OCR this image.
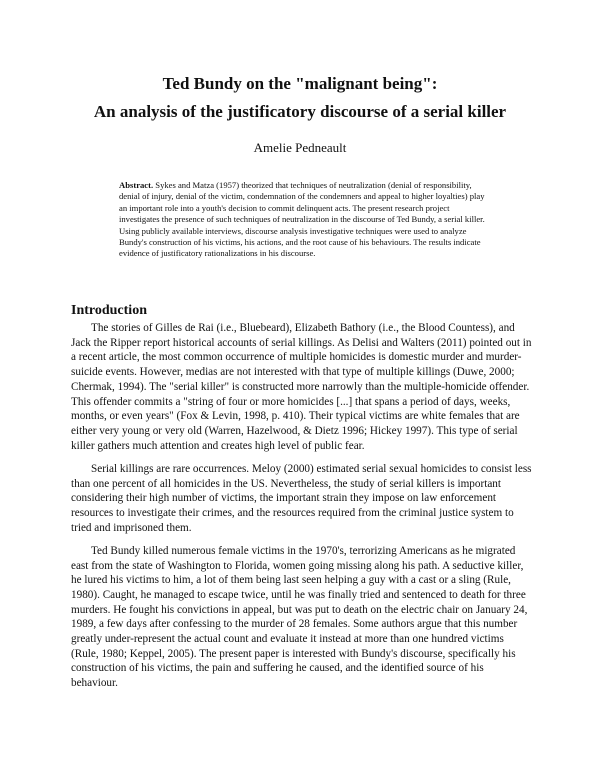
Ted Bundy on the "malignant being":
An analysis of the justificatory discourse of a serial killer
Amelie Pedneault
Abstract. Sykes and Matza (1957) theorized that techniques of neutralization (denial of responsibility, denial of injury, denial of the victim, condemnation of the condemners and appeal to higher loyalties) play an important role into a youth's decision to commit delinquent acts. The present research project investigates the presence of such techniques of neutralization in the discourse of Ted Bundy, a serial killer. Using publicly available interviews, discourse analysis investigative techniques were used to analyze Bundy's construction of his victims, his actions, and the root cause of his behaviours. The results indicate evidence of justificatory rationalizations in his discourse.
Introduction

The stories of Gilles de Rai (i.e., Bluebeard), Elizabeth Bathory (i.e., the Blood Countess), and Jack the Ripper report historical accounts of serial killings. As Delisi and Walters (2011) pointed out in a recent article, the most common occurrence of multiple homicides is domestic murder and murder-suicide events. However, medias are not interested with that type of multiple killings (Duwe, 2000; Chermak, 1994). The "serial killer" is constructed more narrowly than the multiple-homicide offender. This offender commits a "string of four or more homicides [...] that spans a period of days, weeks, months, or even years" (Fox & Levin, 1998, p. 410). Their typical victims are white females that are either very young or very old (Warren, Hazelwood, & Dietz 1996; Hickey 1997). This type of serial killer gathers much attention and creates high level of public fear.

Serial killings are rare occurrences. Meloy (2000) estimated serial sexual homicides to consist less than one percent of all homicides in the US. Nevertheless, the study of serial killers is important considering their high number of victims, the important strain they impose on law enforcement resources to investigate their crimes, and the resources required from the criminal justice system to tried and imprisoned them.

Ted Bundy killed numerous female victims in the 1970's, terrorizing Americans as he migrated east from the state of Washington to Florida, women going missing along his path. A seductive killer, he lured his victims to him, a lot of them being last seen helping a guy with a cast or a sling (Rule, 1980). Caught, he managed to escape twice, until he was finally tried and sentenced to death for three murders. He fought his convictions in appeal, but was put to death on the electric chair on January 24, 1989, a few days after confessing to the murder of 28 females. Some authors argue that this number greatly under-represent the actual count and evaluate it instead at more than one hundred victims (Rule, 1980; Keppel, 2005). The present paper is interested with Bundy's discourse, specifically his construction of his victims, the pain and suffering he caused, and the identified source of his behaviour.
